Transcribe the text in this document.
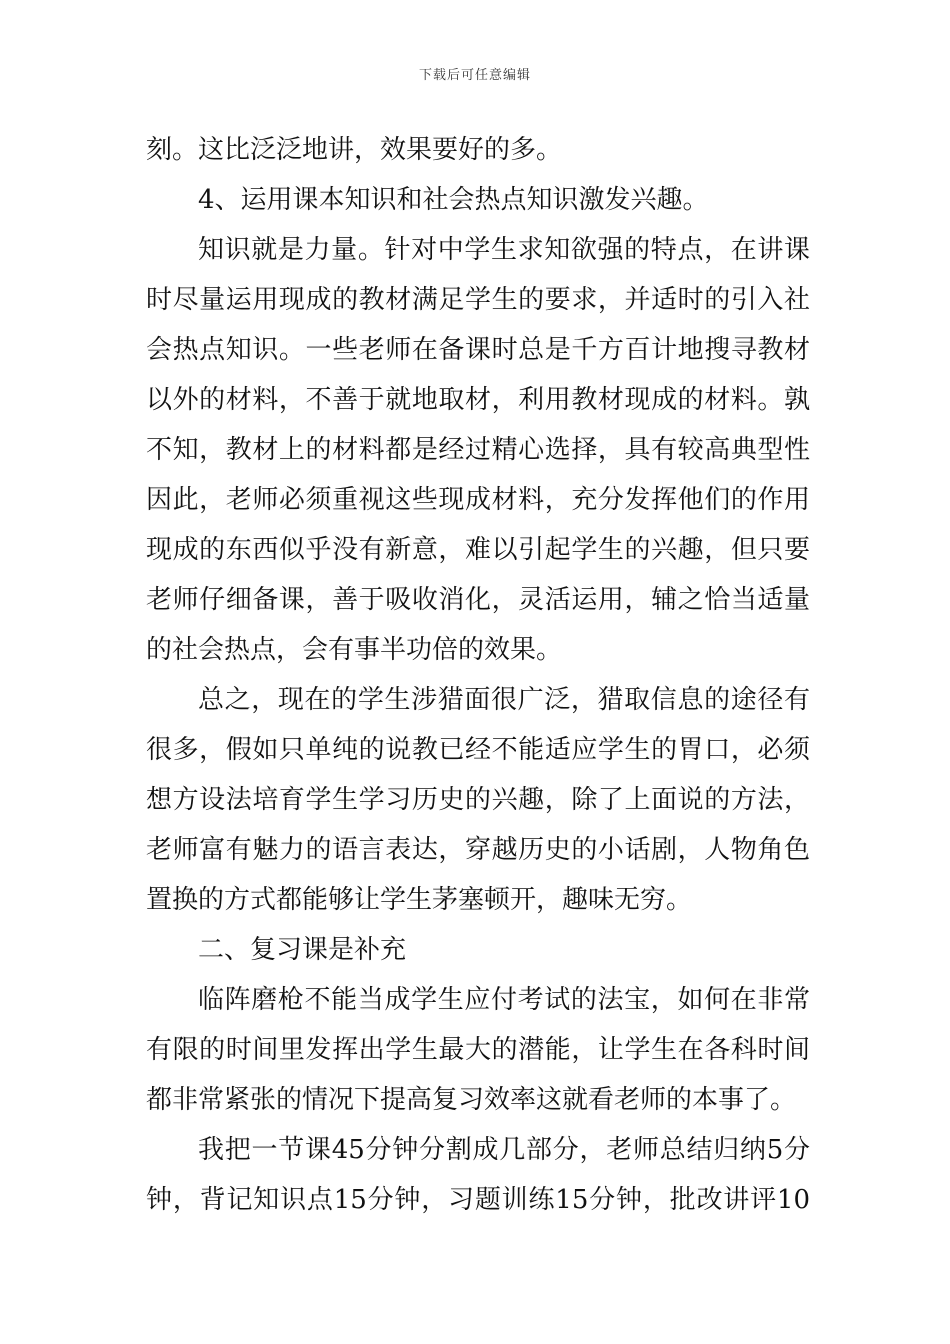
下载后可任意编辑
刻。这比泛泛地讲，效果要好的多。
4、运用课本知识和社会热点知识激发兴趣。
知识就是力量。针对中学生求知欲强的特点，在讲课
时尽量运用现成的教材满足学生的要求，并适时的引入社
会热点知识。一些老师在备课时总是千方百计地搜寻教材
以外的材料，不善于就地取材，利用教材现成的材料。孰
不知，教材上的材料都是经过精心选择，具有较高典型性
因此，老师必须重视这些现成材料，充分发挥他们的作用
现成的东西似乎没有新意，难以引起学生的兴趣，但只要
老师仔细备课，善于吸收消化，灵活运用，辅之恰当适量
的社会热点，会有事半功倍的效果。
总之，现在的学生涉猎面很广泛，猎取信息的途径有
很多，假如只单纯的说教已经不能适应学生的胃口，必须
想方设法培育学生学习历史的兴趣，除了上面说的方法，
老师富有魅力的语言表达，穿越历史的小话剧，人物角色
置换的方式都能够让学生茅塞顿开，趣味无穷。
二、复习课是补充
临阵磨枪不能当成学生应付考试的法宝，如何在非常
有限的时间里发挥出学生最大的潜能，让学生在各科时间
都非常紧张的情况下提高复习效率这就看老师的本事了。
我把一节课45分钟分割成几部分，老师总结归纳5分
钟，背记知识点15分钟，习题训练15分钟，批改讲评10
